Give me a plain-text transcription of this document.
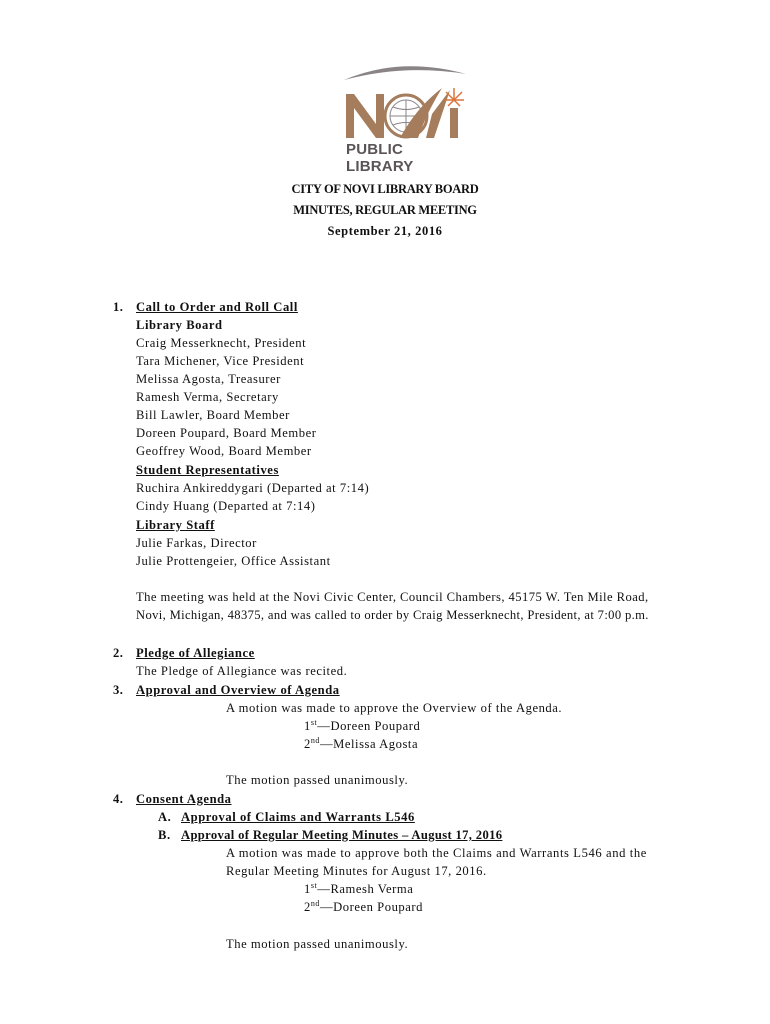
PUBLIC LIBRARY
CITY OF NOVI LIBRARY BOARD
MINUTES, REGULAR MEETING
September 21, 2016
1. Call to Order and Roll Call
Library Board
Craig Messerknecht, President
Tara Michener, Vice President
Melissa Agosta, Treasurer
Ramesh Verma, Secretary
Bill Lawler, Board Member
Doreen Poupard, Board Member
Geoffrey Wood, Board Member
Student Representatives
Ruchira Ankireddygari (Departed at 7:14)
Cindy Huang (Departed at 7:14)
Library Staff
Julie Farkas, Director
Julie Prottengeier, Office Assistant
The meeting was held at the Novi Civic Center, Council Chambers, 45175 W. Ten Mile Road,
Novi, Michigan, 48375, and was called to order by Craig Messerknecht, President, at 7:00 p.m.
2. Pledge of Allegiance
The Pledge of Allegiance was recited.
3. Approval and Overview of Agenda
A motion was made to approve the Overview of the Agenda.
1st—Doreen Poupard
2nd—Melissa Agosta
The motion passed unanimously.
4. Consent Agenda
A. Approval of Claims and Warrants L546
B. Approval of Regular Meeting Minutes – August 17, 2016
A motion was made to approve both the Claims and Warrants L546 and the
Regular Meeting Minutes for August 17, 2016.
1st—Ramesh Verma
2nd—Doreen Poupard
The motion passed unanimously.
